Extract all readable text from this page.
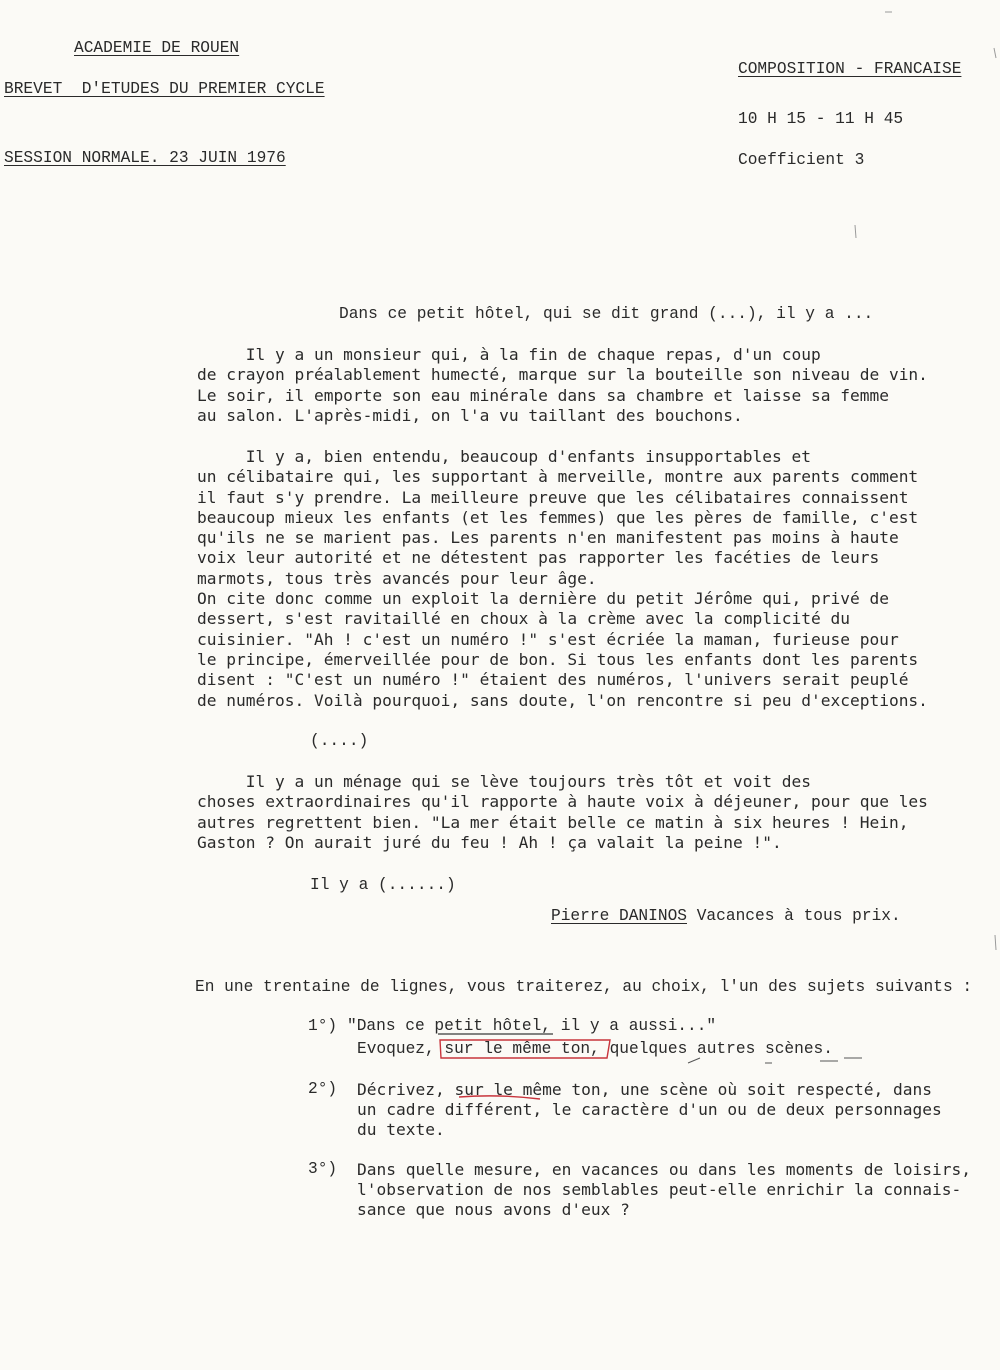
ACADEMIE DE ROUEN
BREVET  D'ETUDES DU PREMIER CYCLE
SESSION NORMALE. 23 JUIN 1976
COMPOSITION - FRANCAISE
10 H 15 - 11 H 45
Coefficient 3
Dans ce petit hôtel, qui se dit grand (...), il y a ...
Il y a un monsieur qui, à la fin de chaque repas, d'un coup
de crayon préalablement humecté, marque sur la bouteille son niveau de vin.
Le soir, il emporte son eau minérale dans sa chambre et laisse sa femme
au salon. L'après-midi, on l'a vu taillant des bouchons.
Il y a, bien entendu, beaucoup d'enfants insupportables et
un célibataire qui, les supportant à merveille, montre aux parents comment
il faut s'y prendre. La meilleure preuve que les célibataires connaissent
beaucoup mieux les enfants (et les femmes) que les pères de famille, c'est
qu'ils ne se marient pas. Les parents n'en manifestent pas moins à haute
voix leur autorité et ne détestent pas rapporter les facéties de leurs
marmots, tous très avancés pour leur âge.
On cite donc comme un exploit la dernière du petit Jérôme qui, privé de
dessert, s'est ravitaillé en choux à la crème avec la complicité du
cuisinier. "Ah ! c'est un numéro !" s'est écriée la maman, furieuse pour
le principe, émerveillée pour de bon. Si tous les enfants dont les parents
disent : "C'est un numéro !" étaient des numéros, l'univers serait peuplé
de numéros. Voilà pourquoi, sans doute, l'on rencontre si peu d'exceptions.
(....)
Il y a un ménage qui se lève toujours très tôt et voit des
choses extraordinaires qu'il rapporte à haute voix à déjeuner, pour que les
autres regrettent bien. "La mer était belle ce matin à six heures ! Hein,
Gaston ? On aurait juré du feu ! Ah ! ça valait la peine !".
Il y a (......)
Pierre DANINOS Vacances à tous prix.
En une trentaine de lignes, vous traiterez, au choix, l'un des sujets suivants :
1°) "Dans ce petit hôtel, il y a aussi..."
Evoquez, sur le même ton, quelques autres scènes.
2°) Décrivez, sur le même ton, une scène où soit respecté, dans
un cadre différent, le caractère d'un ou de deux personnages
du texte.
3°) Dans quelle mesure, en vacances ou dans les moments de loisirs,
l'observation de nos semblables peut-elle enrichir la connais-
sance que nous avons d'eux ?
